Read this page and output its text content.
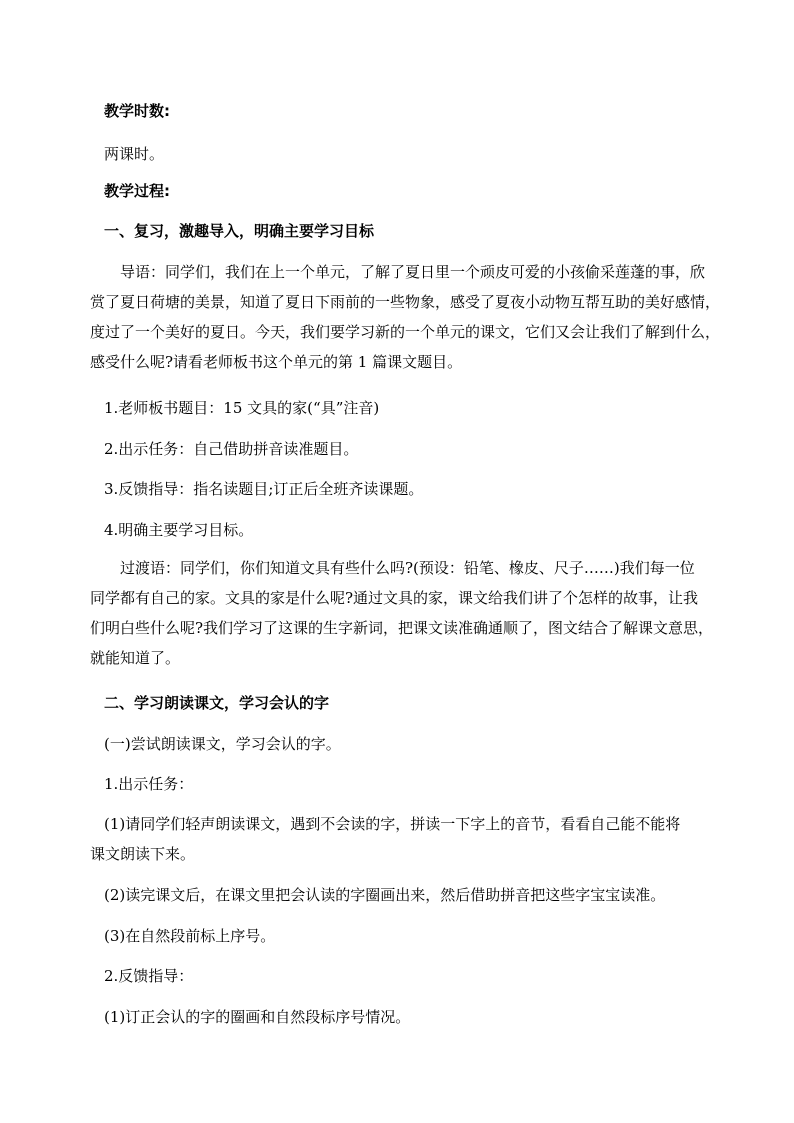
教学时数:
两课时。
教学过程:
一、复习，激趣导入，明确主要学习目标
导语：同学们，我们在上一个单元，了解了夏日里一个顽皮可爱的小孩偷采莲蓬的事，欣
赏了夏日荷塘的美景，知道了夏日下雨前的一些物象，感受了夏夜小动物互帮互助的美好感情，
度过了一个美好的夏日。今天，我们要学习新的一个单元的课文，它们又会让我们了解到什么，
感受什么呢?请看老师板书这个单元的第 1 篇课文题目。
1.老师板书题目：15 文具的家(“具”注音)
2.出示任务：自己借助拼音读准题目。
3.反馈指导：指名读题目;订正后全班齐读课题。
4.明确主要学习目标。
过渡语：同学们，你们知道文具有些什么吗?(预设：铅笔、橡皮、尺子……)我们每一位
同学都有自己的家。文具的家是什么呢?通过文具的家，课文给我们讲了个怎样的故事，让我
们明白些什么呢?我们学习了这课的生字新词，把课文读准确通顺了，图文结合了解课文意思，
就能知道了。
二、学习朗读课文，学习会认的字
(一)尝试朗读课文，学习会认的字。
1.出示任务：
(1)请同学们轻声朗读课文，遇到不会读的字，拼读一下字上的音节，看看自己能不能将
课文朗读下来。
(2)读完课文后，在课文里把会认读的字圈画出来，然后借助拼音把这些字宝宝读准。
(3)在自然段前标上序号。
2.反馈指导：
(1)订正会认的字的圈画和自然段标序号情况。
